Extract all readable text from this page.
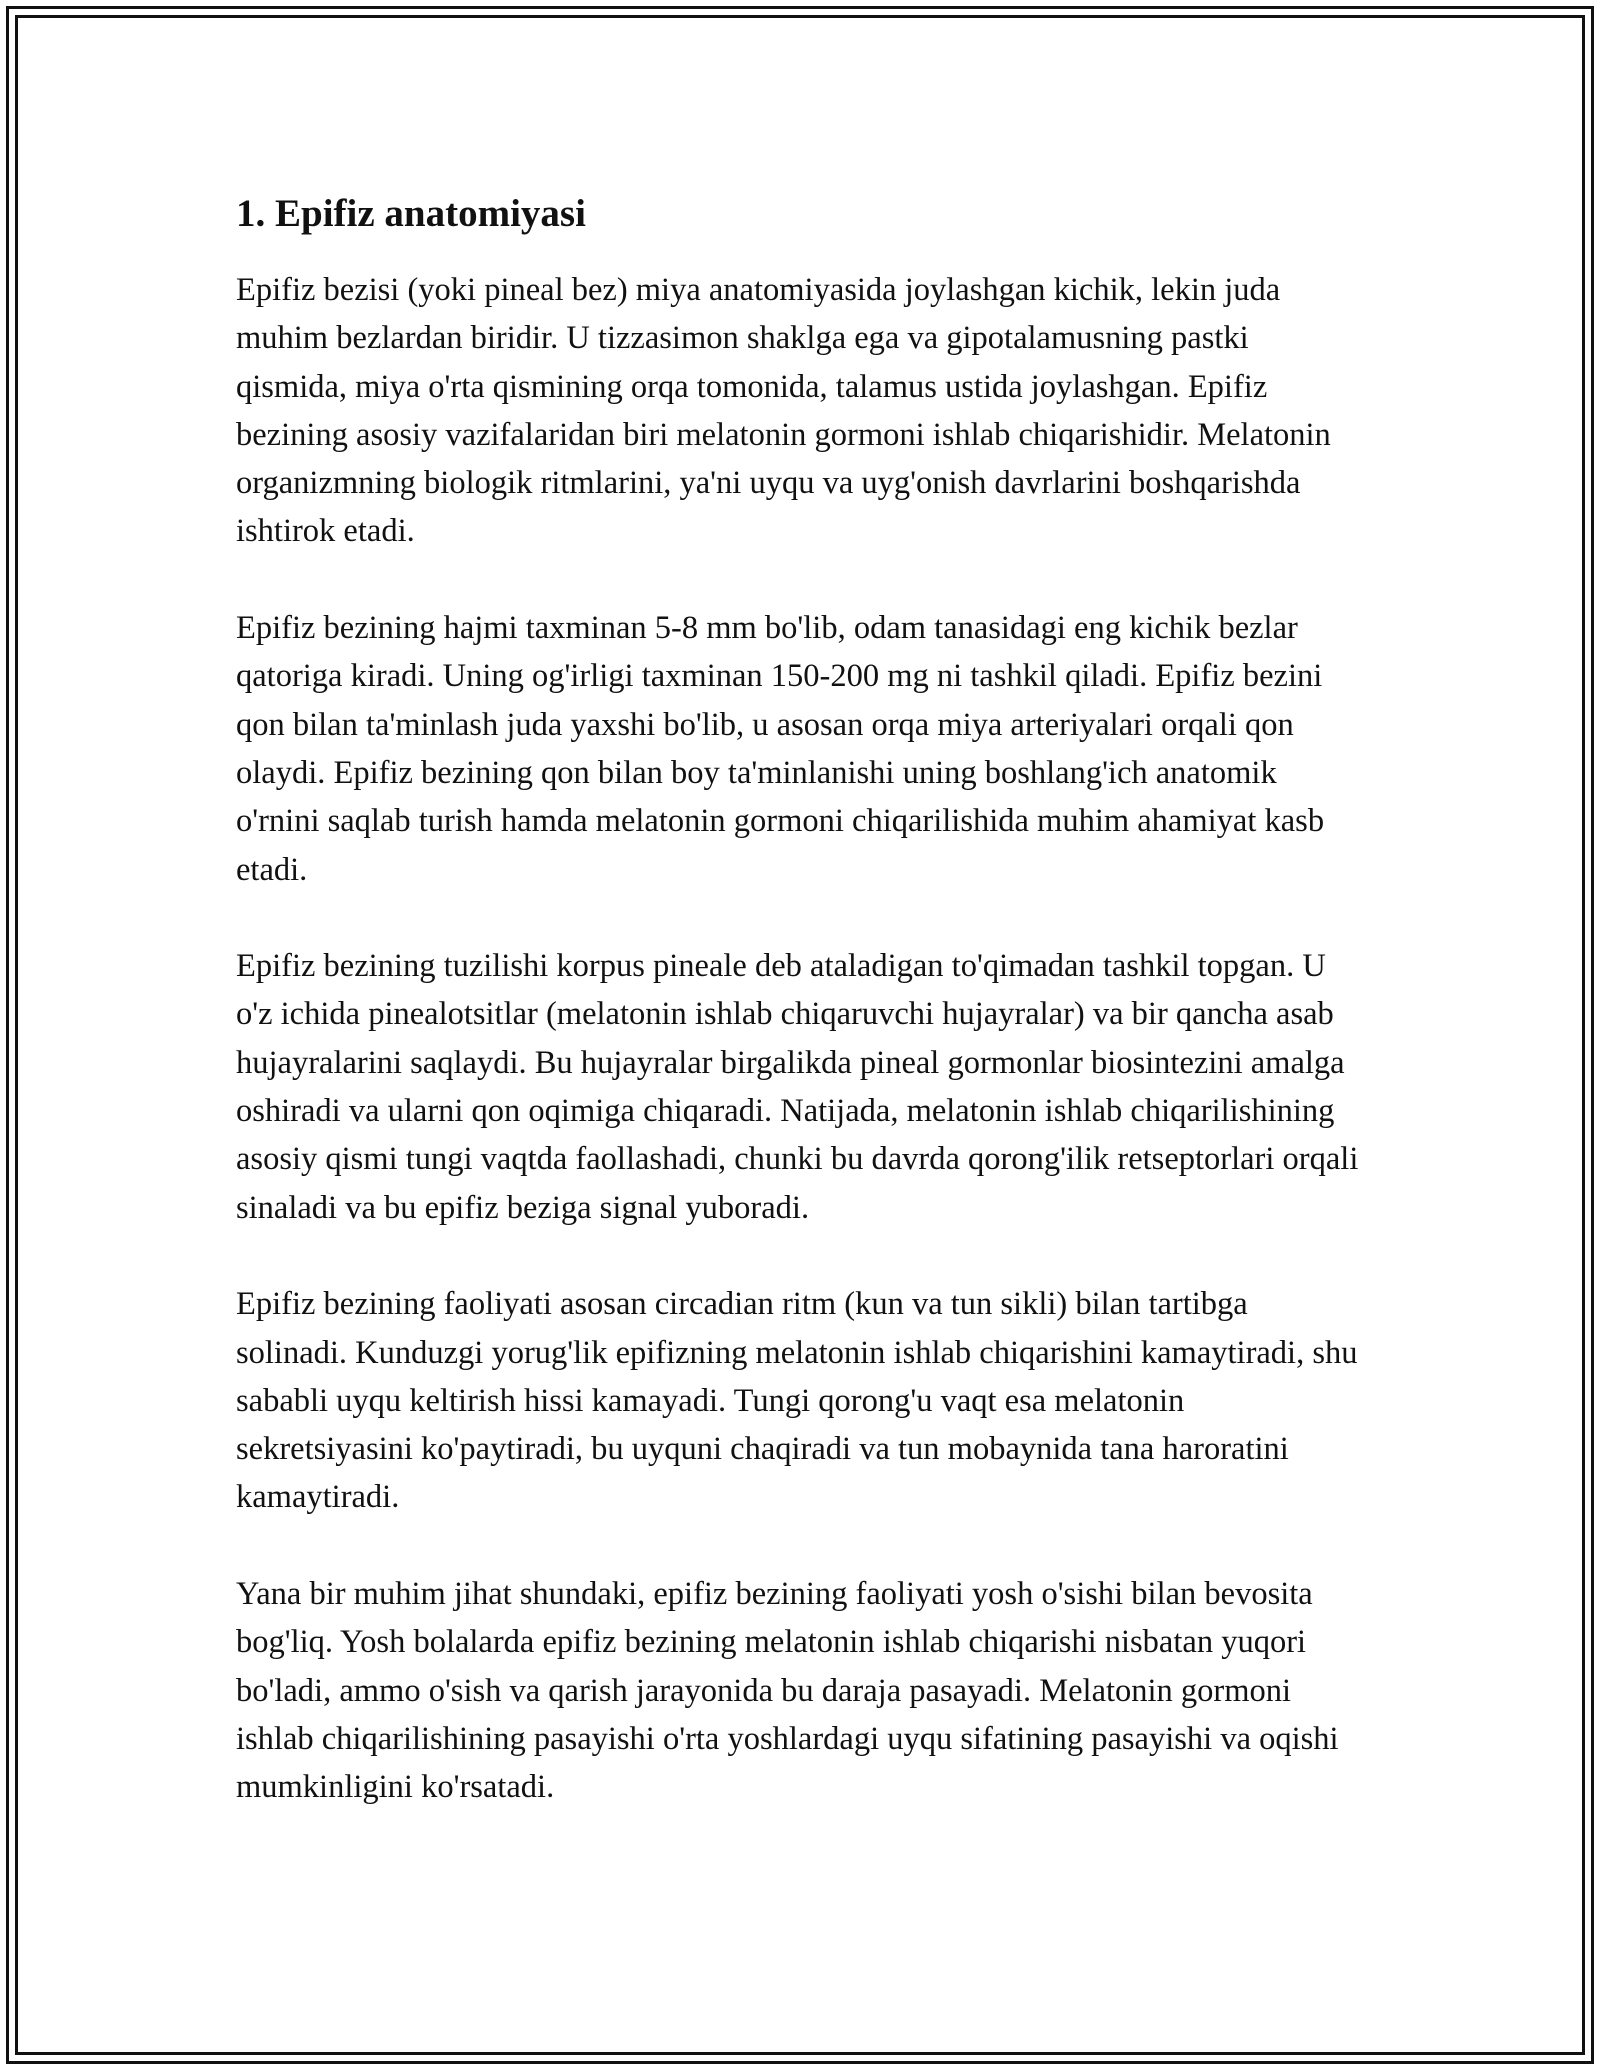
1. Epifiz anatomiyasi

Epifiz bezisi (yoki pineal bez) miya anatomiyasida joylashgan kichik, lekin juda muhim bezlardan biridir. U tizzasimon shaklga ega va gipotalamusning pastki qismida, miya o'rta qismining orqa tomonida, talamus ustida joylashgan. Epifiz bezining asosiy vazifalaridan biri melatonin gormoni ishlab chiqarishidir. Melatonin organizmning biologik ritmlarini, ya'ni uyqu va uyg'onish davrlarini boshqarishda ishtirok etadi.

Epifiz bezining hajmi taxminan 5-8 mm bo'lib, odam tanasidagi eng kichik bezlar qatoriga kiradi. Uning og'irligi taxminan 150-200 mg ni tashkil qiladi. Epifiz bezini qon bilan ta'minlash juda yaxshi bo'lib, u asosan orqa miya arteriyalari orqali qon olaydi. Epifiz bezining qon bilan boy ta'minlanishi uning boshlang'ich anatomik o'rnini saqlab turish hamda melatonin gormoni chiqarilishida muhim ahamiyat kasb etadi.

Epifiz bezining tuzilishi korpus pineale deb ataladigan to'qimadan tashkil topgan. U o'z ichida pinealotsitlar (melatonin ishlab chiqaruvchi hujayralar) va bir qancha asab hujayralarini saqlaydi. Bu hujayralar birgalikda pineal gormonlar biosintezini amalga oshiradi va ularni qon oqimiga chiqaradi. Natijada, melatonin ishlab chiqarilishining asosiy qismi tungi vaqtda faollashadi, chunki bu davrda qorong'ilik retseptorlari orqali sinaladi va bu epifiz beziga signal yuboradi.

Epifiz bezining faoliyati asosan circadian ritm (kun va tun sikli) bilan tartibga solinadi. Kunduzgi yorug'lik epifizning melatonin ishlab chiqarishini kamaytiradi, shu sababli uyqu keltirish hissi kamayadi. Tungi qorong'u vaqt esa melatonin sekretsiyasini ko'paytiradi, bu uyquni chaqiradi va tun mobaynida tana haroratini kamaytiradi.

Yana bir muhim jihat shundaki, epifiz bezining faoliyati yosh o'sishi bilan bevosita bog'liq. Yosh bolalarda epifiz bezining melatonin ishlab chiqarishi nisbatan yuqori bo'ladi, ammo o'sish va qarish jarayonida bu daraja pasayadi. Melatonin gormoni ishlab chiqarilishining pasayishi o'rta yoshlardagi uyqu sifatining pasayishi va oqishi mumkinligini ko'rsatadi.
